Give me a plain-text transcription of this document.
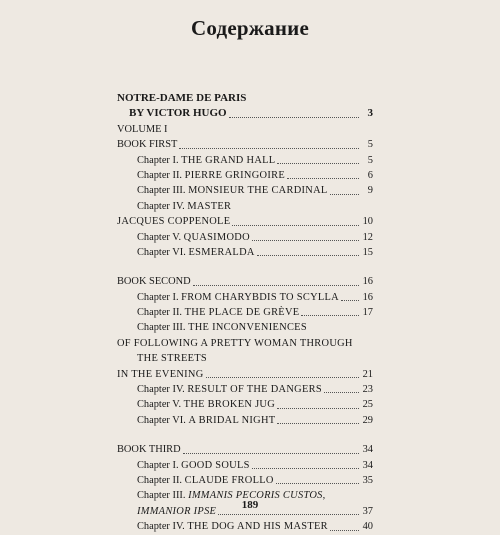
Содержание
NOTRE-DAME DE PARIS
BY VICTOR HUGO	3
VOLUME I
BOOK FIRST	5
Chapter I. THE GRAND HALL	5
Chapter II. PIERRE GRINGOIRE	6
Chapter III. MONSIEUR THE CARDINAL	9
Chapter IV. MASTER
JACQUES COPPENOLE	10
Chapter V. QUASIMODO	12
Chapter VI. ESMERALDA	15
BOOK SECOND	16
Chapter I. FROM CHARYBDIS TO SCYLLA 16
Chapter II. THE PLACE DE GRÈVE	17
Chapter III. THE INCONVENIENCES
OF FOLLOWING A PRETTY WOMAN THROUGH
THE STREETS
IN THE EVENING	21
Chapter IV. RESULT OF THE DANGERS	23
Chapter V. THE BROKEN JUG	25
Chapter VI. A BRIDAL NIGHT	29
BOOK THIRD	34
Chapter I. GOOD SOULS	34
Chapter II. CLAUDE FROLLO	35
Chapter III. IMMANIS PECORIS CUSTOS,
IMMANIOR IPSE	37
Chapter IV. THE DOG AND HIS MASTER	40
189
